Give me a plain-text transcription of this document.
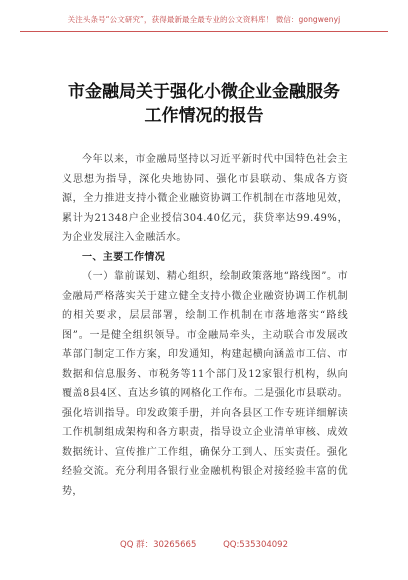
关注头条号“公文研究”，获得最新最全最专业的公文资料库！ 微信：gongwenyj
市金融局关于强化小微企业金融服务
工作情况的报告

今年以来，市金融局坚持以习近平新时代中国特色社会主义思想为指导，深化央地协同、强化市县联动、集成各方资源，全力推进支持小微企业融资协调工作机制在市落地见效，累计为21348户企业授信304.40亿元，获贷率达99.49%，为企业发展注入金融活水。

一、主要工作情况

（一）靠前谋划、精心组织，绘制政策落地“路线图”。市金融局严格落实关于建立健全支持小微企业融资协调工作机制的相关要求，层层部署，绘制工作机制在市落地落实“路线图”。一是健全组织领导。市金融局牵头，主动联合市发展改革部门制定工作方案，印发通知，构建起横向涵盖市工信、市数据和信息服务、市税务等11个部门及12家银行机构，纵向覆盖8县4区、直达乡镇的网格化工作布。二是强化市县联动。强化培训指导。印发政策手册，并向各县区工作专班详细解读工作机制组成架构和各方职责，指导设立企业清单审核、成效数据统计、宣传推广工作组，确保分工到人、压实责任。强化经验交流。充分利用各银行业金融机构银企对接经验丰富的优势，

QQ 群：30265665	QQ:535304092
